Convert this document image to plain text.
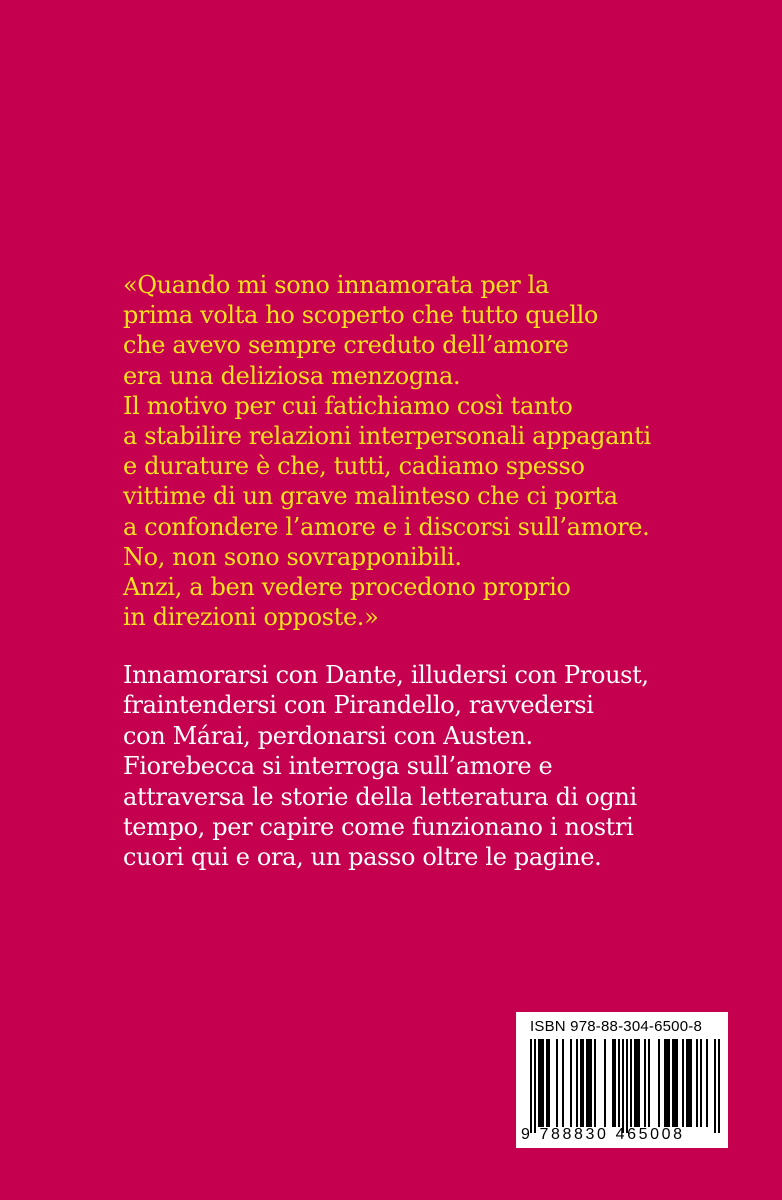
«Quando mi sono innamorata per la
prima volta ho scoperto che tutto quello
che avevo sempre creduto dell’amore
era una deliziosa menzogna.
Il motivo per cui fatichiamo così tanto
a stabilire relazioni interpersonali appaganti
e durature è che, tutti, cadiamo spesso
vittime di un grave malinteso che ci porta
a confondere l’amore e i discorsi sull’amore.
No, non sono sovrapponibili.
Anzi, a ben vedere procedono proprio
in direzioni opposte.»
Innamorarsi con Dante, illudersi con Proust,
fraintendersi con Pirandello, ravvedersi
con Márai, perdonarsi con Austen.
Fiorebecca si interroga sull’amore e
attraversa le storie della letteratura di ogni
tempo, per capire come funzionano i nostri
cuori qui e ora, un passo oltre le pagine.
ISBN 978-88-304-6500-8
9 788830 465008
